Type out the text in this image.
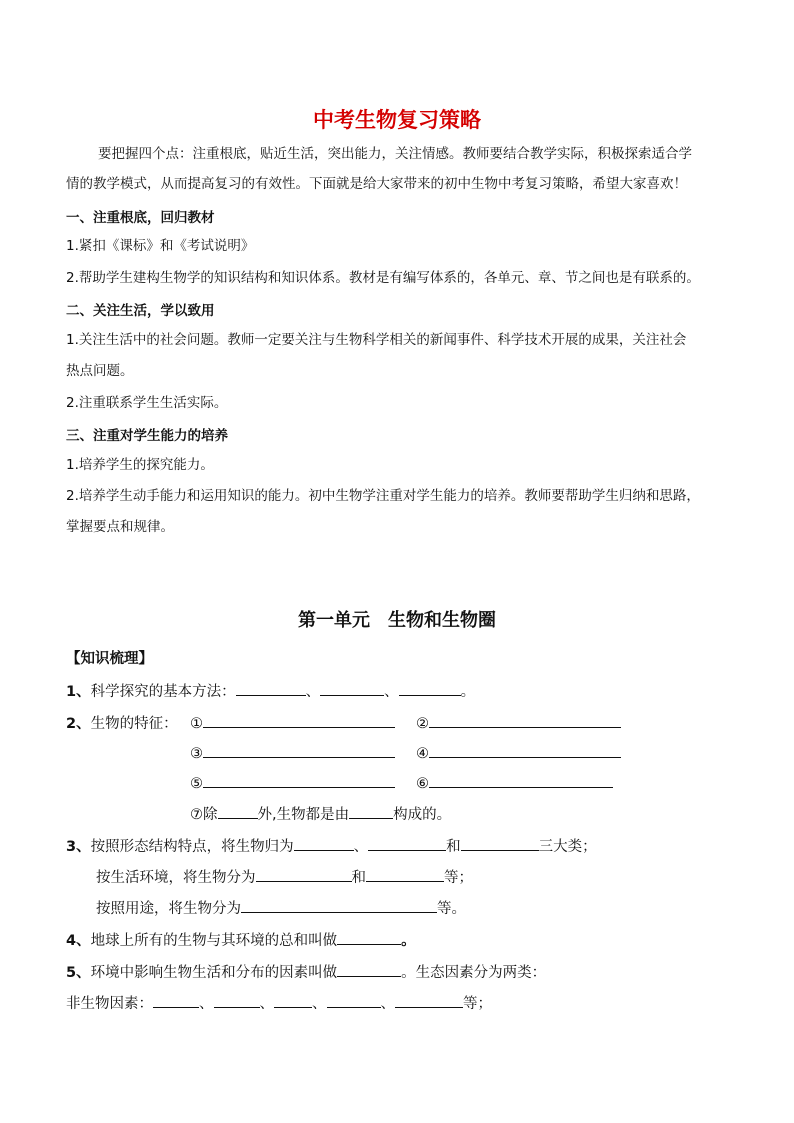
中考生物复习策略
要把握四个点：注重根底，贴近生活，突出能力，关注情感。教师要结合教学实际，积极探索适合学
情的教学模式，从而提高复习的有效性。下面就是给大家带来的初中生物中考复习策略，希望大家喜欢！
一、注重根底，回归教材
1.紧扣《课标》和《考试说明》
2.帮助学生建构生物学的知识结构和知识体系。教材是有编写体系的，各单元、章、节之间也是有联系的。
二、关注生活，学以致用
1.关注生活中的社会问题。教师一定要关注与生物科学相关的新闻事件、科学技术开展的成果，关注社会
热点问题。
2.注重联系学生生活实际。
三、注重对学生能力的培养
1.培养学生的探究能力。
2.培养学生动手能力和运用知识的能力。初中生物学注重对学生能力的培养。教师要帮助学生归纳和思路，
掌握要点和规律。
第一单元　生物和生物圈
【知识梳理】
1、科学探究的基本方法：	、	、	。
2、生物的特征： ①	②
③	④
⑤	⑥
⑦除	外,生物都是由	构成的。
3、按照形态结构特点，将生物归为	、	和	三大类；
按生活环境，将生物分为	和	等；
按照用途，将生物分为	等。
4、地球上所有的生物与其环境的总和叫做	。
5、环境中影响生物生活和分布的因素叫做	。生态因素分为两类：
非生物因素：	、	、	、	、	等；
